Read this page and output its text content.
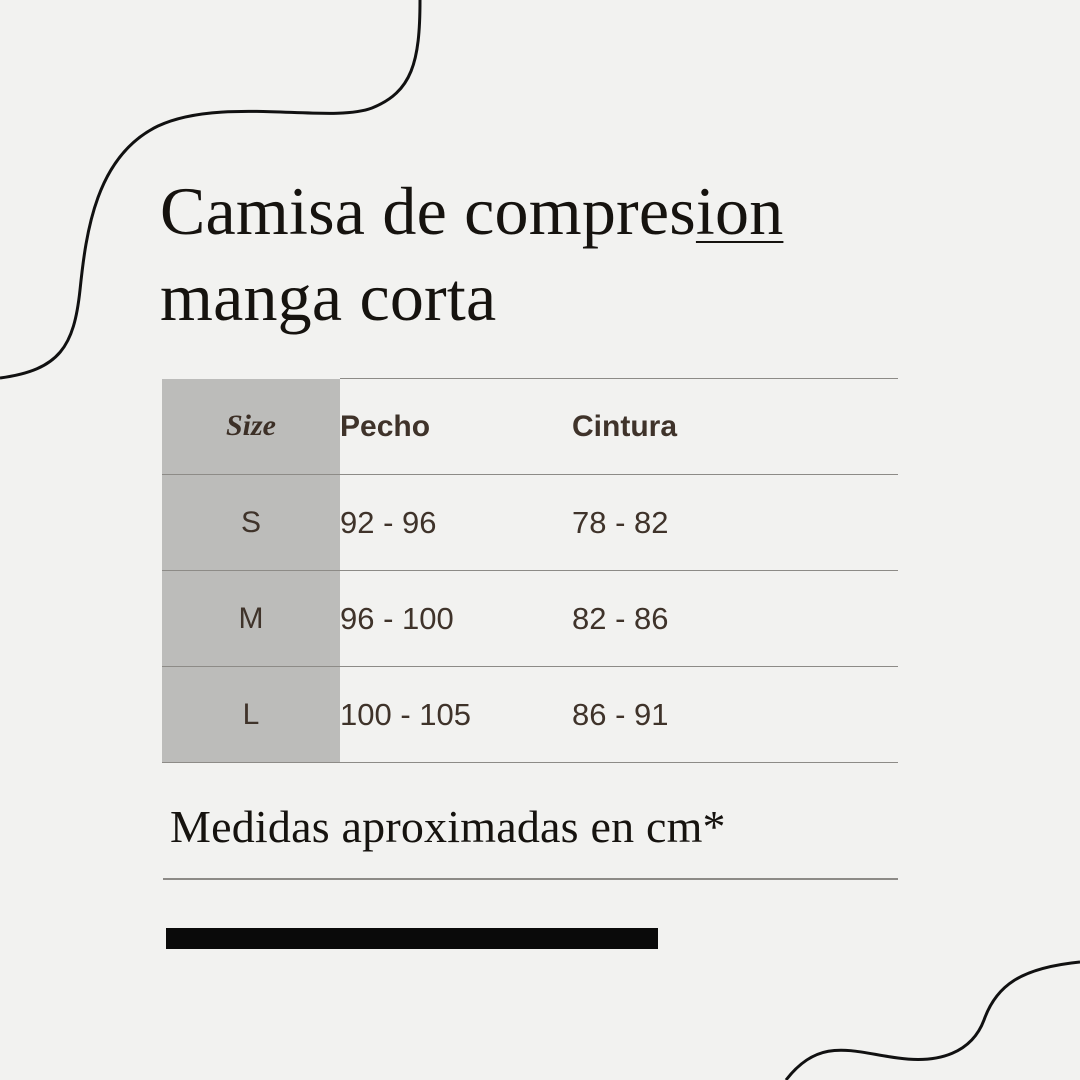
Camisa de compresion
manga corta
Size	Pecho	Cintura
S	92 - 96	78 - 82
M	96 - 100	82 - 86
L	100 - 105	86 - 91
Medidas aproximadas en cm*
